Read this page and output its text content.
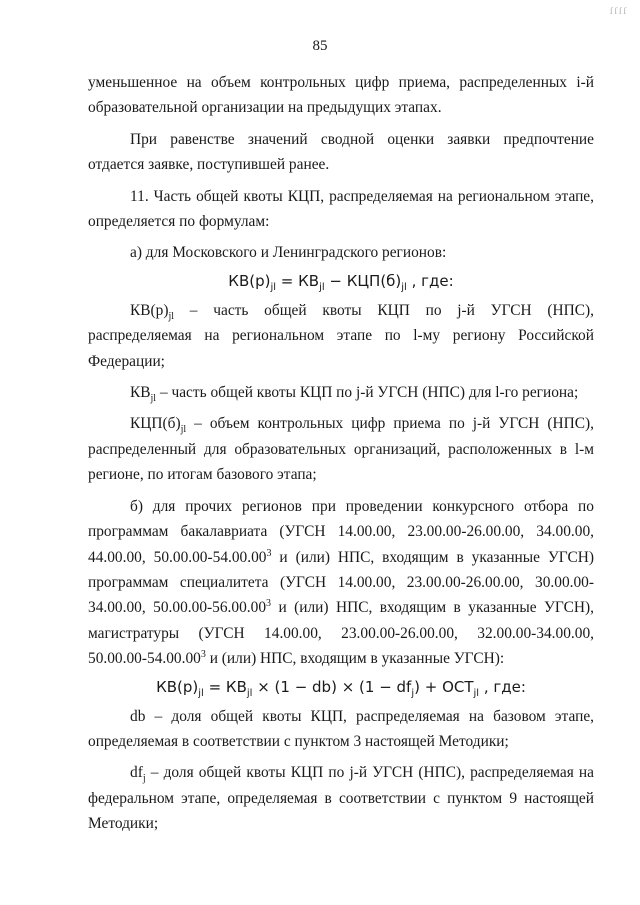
ſſſſ
85

уменьшенное на объем контрольных цифр приема, распределенных i-й образовательной организации на предыдущих этапах.

При равенстве значений сводной оценки заявки предпочтение отдается заявке, поступившей ранее.

11. Часть общей квоты КЦП, распределяемая на региональном этапе, определяется по формулам:

а) для Московского и Ленинградского регионов:

$КВ(р)_{jl} = КВ_{jl} - КЦП(б)_{jl}$ , где:

$КВ(р)_{jl}$ – часть общей квоты КЦП по j-й УГСН (НПС), распределяемая на региональном этапе по l-му региону Российской Федерации;

$КВ_{jl}$ – часть общей квоты КЦП по j-й УГСН (НПС) для l-го региона;

$КЦП(б)_{jl}$ – объем контрольных цифр приема по j-й УГСН (НПС), распределенный для образовательных организаций, расположенных в l-м регионе, по итогам базового этапа;

б) для прочих регионов при проведении конкурсного отбора по программам бакалавриата (УГСН 14.00.00, 23.00.00-26.00.00, 34.00.00, 44.00.00, 50.00.00-54.00.00$^3$ и (или) НПС, входящим в указанные УГСН) программам специалитета (УГСН 14.00.00, 23.00.00-26.00.00, 30.00.00-34.00.00, 50.00.00-56.00.00$^3$ и (или) НПС, входящим в указанные УГСН), магистратуры (УГСН 14.00.00, 23.00.00-26.00.00, 32.00.00-34.00.00, 50.00.00-54.00.00$^3$ и (или) НПС, входящим в указанные УГСН):

$КВ(р)_{jl} = КВ_{jl} \times (1 - db) \times (1 - df_j) + ОСТ_{jl}$ , где:

db – доля общей квоты КЦП, распределяемая на базовом этапе, определяемая в соответствии с пунктом 3 настоящей Методики;

$df_j$ – доля общей квоты КЦП по j-й УГСН (НПС), распределяемая на федеральном этапе, определяемая в соответствии с пунктом 9 настоящей Методики;
